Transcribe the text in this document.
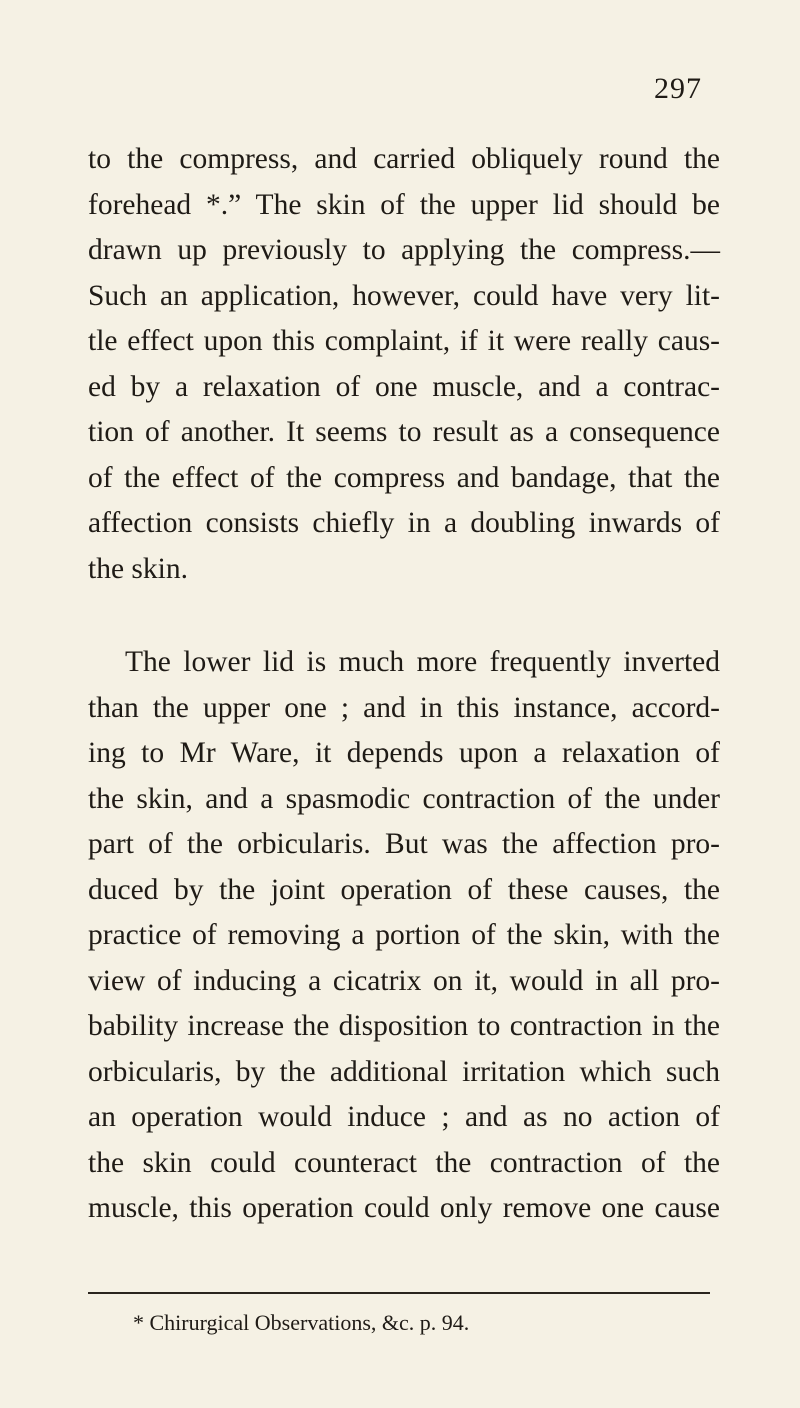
297
to the compress, and carried obliquely round the
forehead *.” The skin of the upper lid should be
drawn up previously to applying the compress.—
Such an application, however, could have very lit-
tle effect upon this complaint, if it were really caus-
ed by a relaxation of one muscle, and a contrac-
tion of another. It seems to result as a consequence
of the effect of the compress and bandage, that the
affection consists chiefly in a doubling inwards of
the skin.
The lower lid is much more frequently inverted
than the upper one ; and in this instance, accord-
ing to Mr Ware, it depends upon a relaxation of
the skin, and a spasmodic contraction of the under
part of the orbicularis. But was the affection pro-
duced by the joint operation of these causes, the
practice of removing a portion of the skin, with the
view of inducing a cicatrix on it, would in all pro-
bability increase the disposition to contraction in the
orbicularis, by the additional irritation which such
an operation would induce ; and as no action of
the skin could counteract the contraction of the
muscle, this operation could only remove one cause
* Chirurgical Observations, &c. p. 94.
